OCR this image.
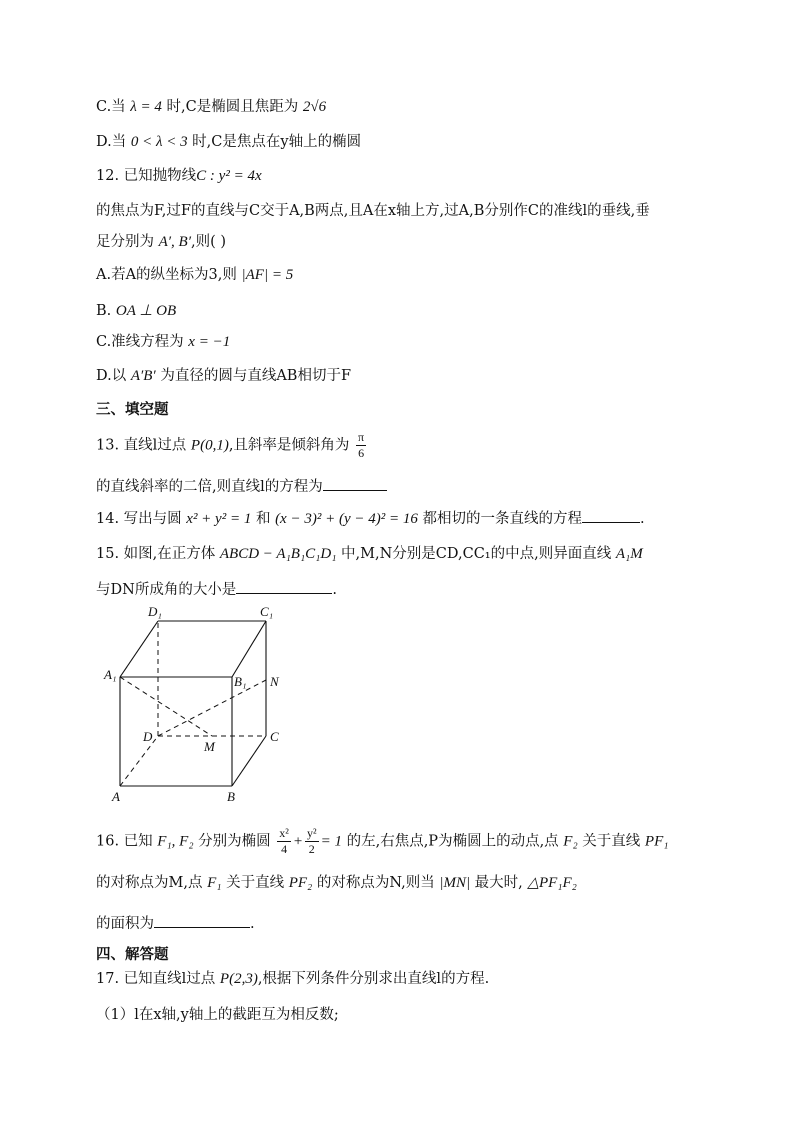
C.当 λ = 4 时,C是椭圆且焦距为 2√6
D.当 0 < λ < 3 时,C是焦点在y轴上的椭圆
12. 已知抛物线C : y² = 4x
的焦点为F,过F的直线与C交于A,B两点,且A在x轴上方,过A,B分别作C的准线l的垂线,垂
足分别为 A′, B′,则( )
A.若A的纵坐标为3,则 |AF| = 5
B. OA ⊥ OB
C.准线方程为 x = −1
D.以 A′B′ 为直径的圆与直线AB相切于F
三、填空题
13. 直线l过点 P(0,1),且斜率是倾斜角为 $\frac{\pi}{6}$
的直线斜率的二倍,则直线l的方程为
14. 写出与圆 x² + y² = 1 和 (x − 3)² + (y − 4)² = 16 都相切的一条直线的方程	.
15. 如图,在正方体 ABCD − A₁B₁C₁D₁ 中,M,N分别是CD,CC₁的中点,则异面直线 A₁M
与DN所成角的大小是	.
D₁	C₁
A₁	B₁ N
D
M
C
A	B
16. 已知 F₁, F₂ 分别为椭圆 $\frac{\text{x²}}{4} + \frac{\text{y²}}{2} = 1$ 的左,右焦点,P为椭圆上的动点,点 F₂ 关于直线 PF₁
的对称点为M,点 F₁ 关于直线 PF₂ 的对称点为N,则当 |MN| 最大时, △PF₁F₂
的面积为	.
四、解答题
17. 已知直线l过点 P(2,3),根据下列条件分别求出直线l的方程.
（1）l在x轴,y轴上的截距互为相反数;
